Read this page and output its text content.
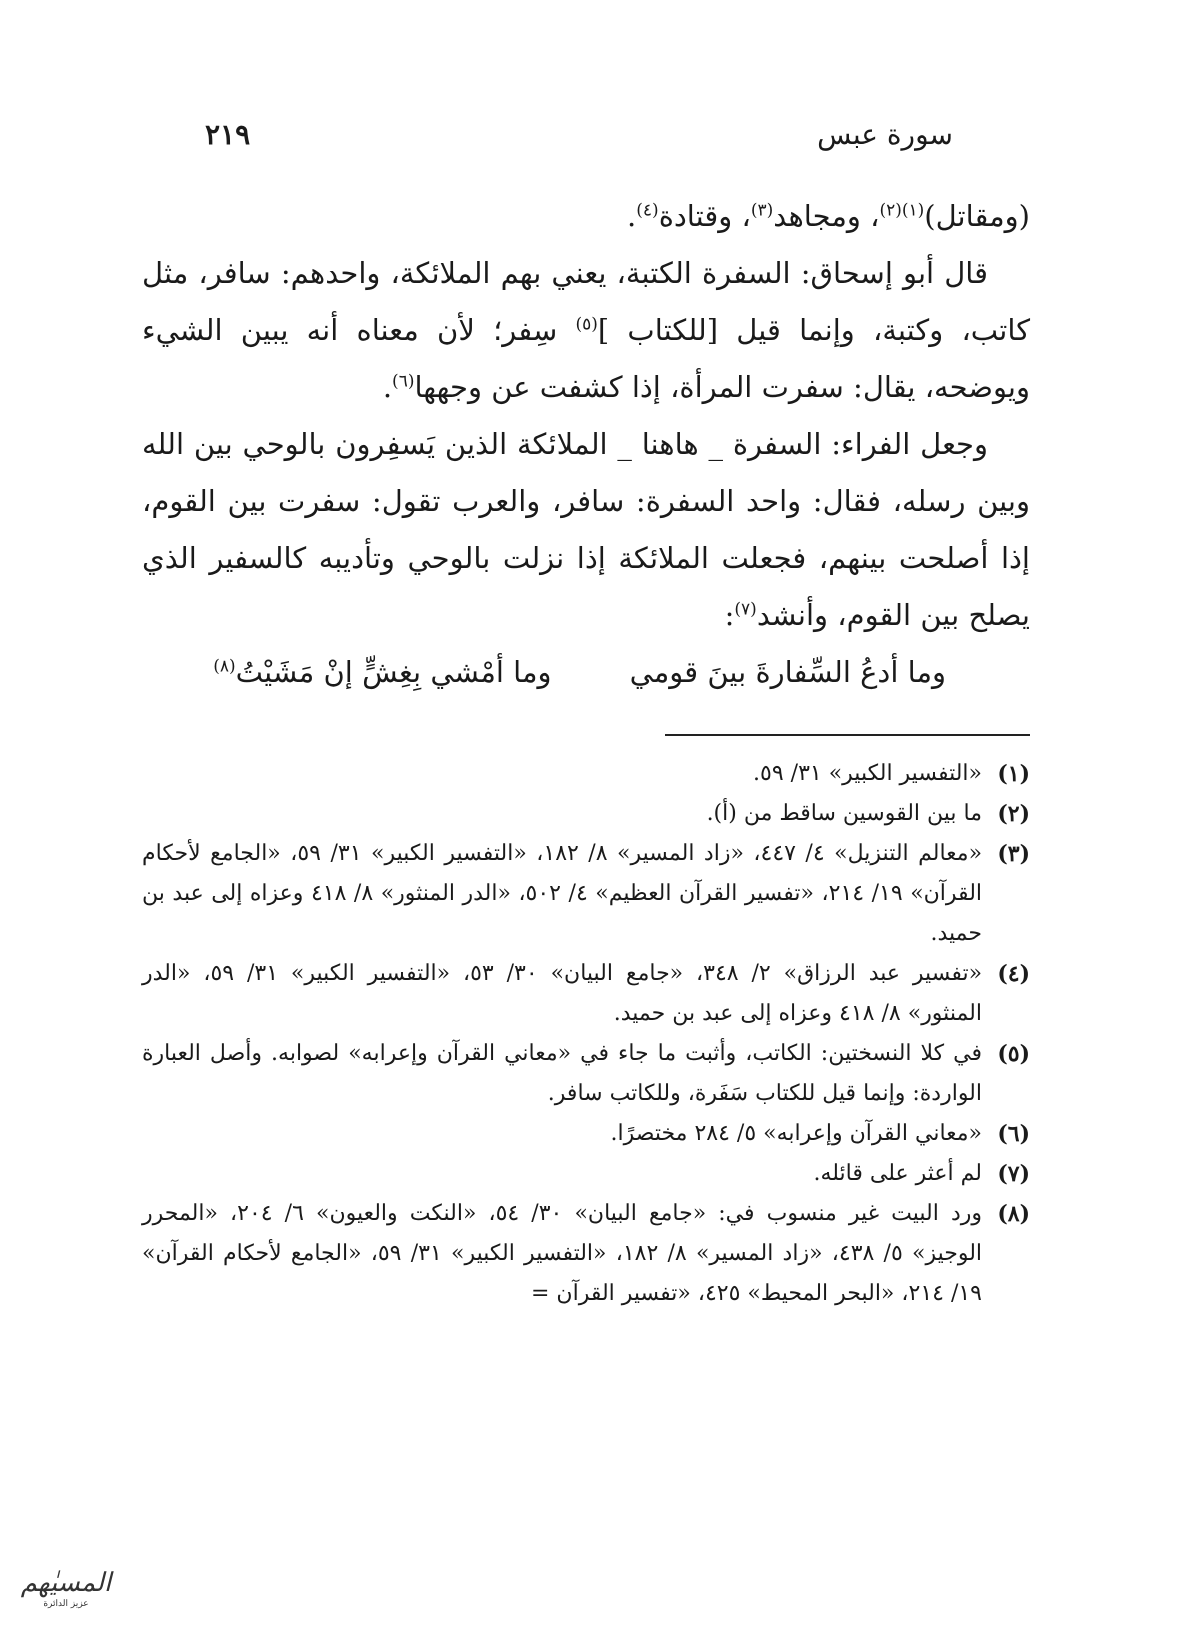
٢١٩	سورة عبس

(ومقاتل)$^{(١)(٢)}$، ومجاهد$^{(٣)}$، وقتادة$^{(٤)}$.

قال أبو إسحاق: السفرة الكتبة، يعني بهم الملائكة، واحدهم: سافر، مثل كاتب، وكتبة، وإنما قيل [للكتاب ]$^{(٥)}$ سِفر؛ لأن معناه أنه يبين الشيء ويوضحه، يقال: سفرت المرأة، إذا كشفت عن وجهها$^{(٦)}$.

وجعل الفراء: السفرة _ هاهنا _ الملائكة الذين يَسفِرون بالوحي بين الله وبين رسله، فقال: واحد السفرة: سافر، والعرب تقول: سفرت بين القوم، إذا أصلحت بينهم، فجعلت الملائكة إذا نزلت بالوحي وتأديبه كالسفير الذي يصلح بين القوم، وأنشد$^{(٧)}$:

وما أدعُ السِّفارةَ بينَ قوميوما أمْشي بِغِشٍّ إنْ مَشَيْتُ$^{(٨)}$

(١)
«التفسير الكبير» ٣١/ ٥٩.
(٢)
ما بين القوسين ساقط من (أ).
(٣)
«معالم التنزيل» ٤/ ٤٤٧، «زاد المسير» ٨/ ١٨٢، «التفسير الكبير» ٣١/ ٥٩، «الجامع لأحكام القرآن» ١٩/ ٢١٤، «تفسير القرآن العظيم» ٤/ ٥٠٢، «الدر المنثور» ٨/ ٤١٨ وعزاه إلى عبد بن حميد.
(٤)
«تفسير عبد الرزاق» ٢/ ٣٤٨، «جامع البيان» ٣٠/ ٥٣، «التفسير الكبير» ٣١/ ٥٩، «الدر المنثور» ٨/ ٤١٨ وعزاه إلى عبد بن حميد.
(٥)
في كلا النسختين: الكاتب، وأثبت ما جاء في «معاني القرآن وإعرابه» لصوابه. وأصل العبارة الواردة: وإنما قيل للكتاب سَفَرة، وللكاتب سافر.
(٦)
«معاني القرآن وإعرابه» ٥/ ٢٨٤ مختصرًا.
(٧)
لم أعثر على قائله.
(٨)
ورد البيت غير منسوب في: «جامع البيان» ٣٠/ ٥٤، «النكت والعيون» ٦/ ٢٠٤، «المحرر الوجيز» ٥/ ٤٣٨، «زاد المسير» ٨/ ١٨٢، «التفسير الكبير» ٣١/ ٥٩، «الجامع لأحكام القرآن» ١٩/ ٢١٤، «البحر المحيط» ٤٢٥، «تفسير القرآن =
المسيٰهم
عزيز الدائرة
